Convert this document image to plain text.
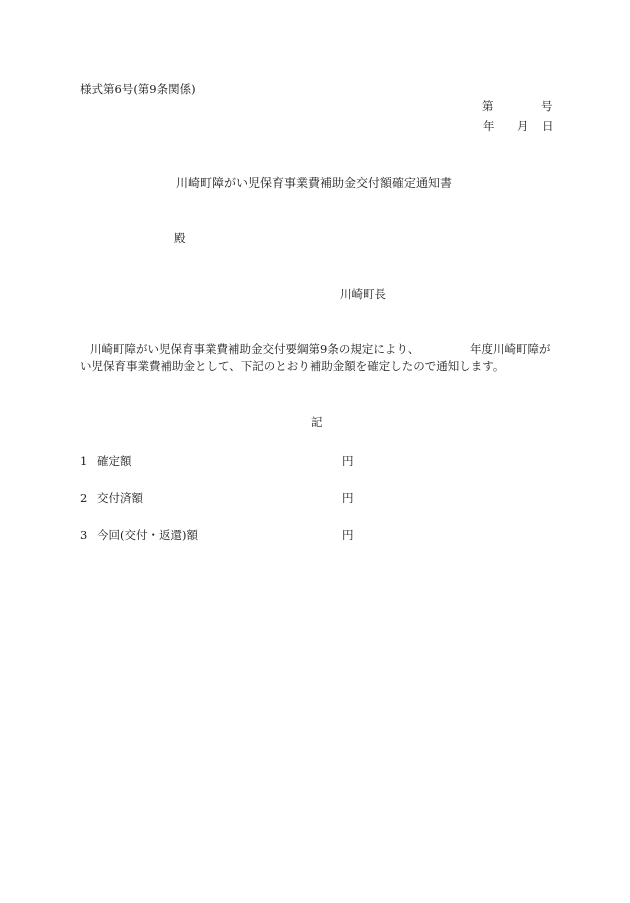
様式第6号(第9条関係)
第	号
年 月 日
川崎町障がい児保育事業費補助金交付額確定通知書
殿
川崎町長
川崎町障がい児保育事業費補助金交付要綱第9条の規定により、	年度川崎町障が
い児保育事業費補助金として、下記のとおり補助金額を確定したので通知します。
記
1 確定額	円
2 交付済額	円
3 今回(交付・返還)額	円
